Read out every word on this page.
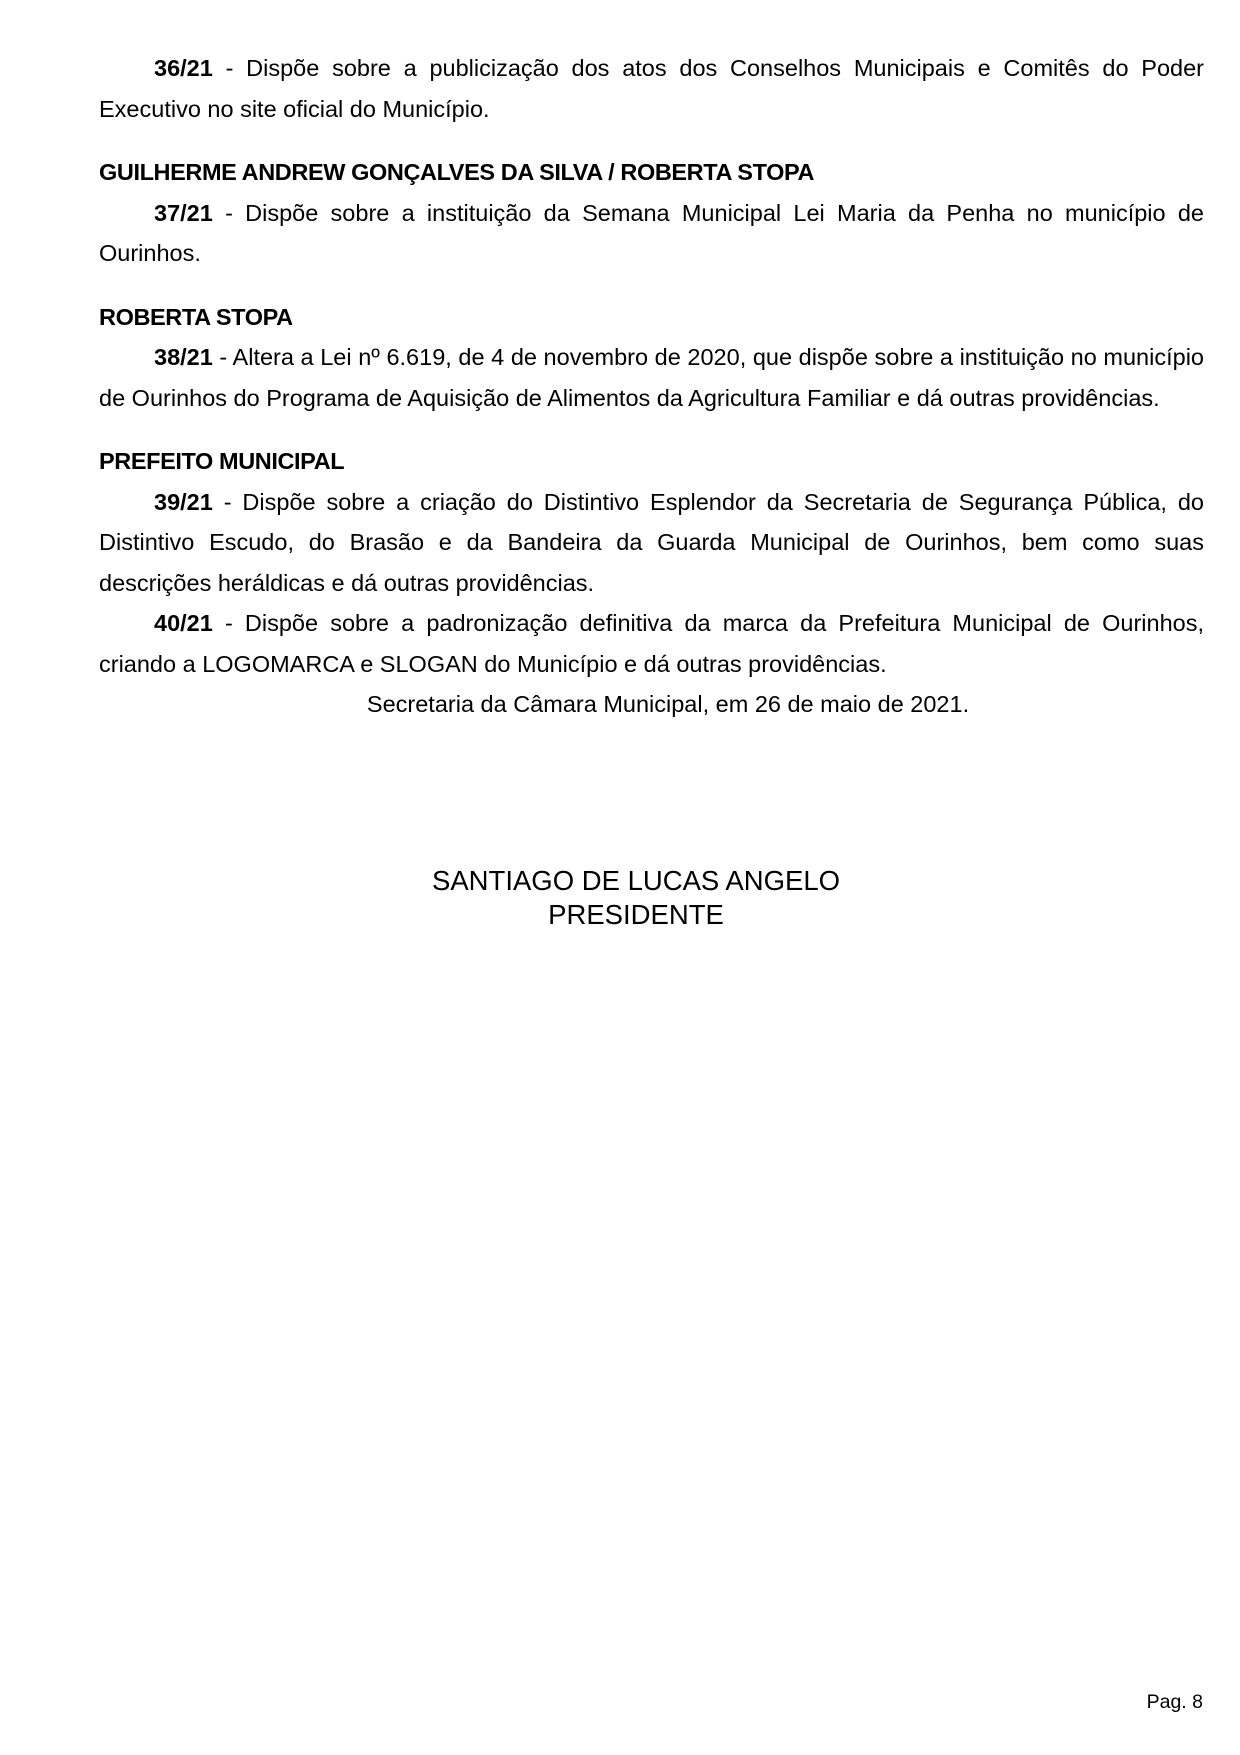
36/21 - Dispõe sobre a publicização dos atos dos Conselhos Municipais e Comitês do Poder Executivo no site oficial do Município.

GUILHERME ANDREW GONÇALVES DA SILVA / ROBERTA STOPA

37/21 - Dispõe sobre a instituição da Semana Municipal Lei Maria da Penha no município de Ourinhos.

ROBERTA STOPA

38/21 - Altera a Lei nº 6.619, de 4 de novembro de 2020, que dispõe sobre a instituição no município de Ourinhos do Programa de Aquisição de Alimentos da Agricultura Familiar e dá outras providências.

PREFEITO MUNICIPAL

39/21 - Dispõe sobre a criação do Distintivo Esplendor da Secretaria de Segurança Pública, do Distintivo Escudo, do Brasão e da Bandeira da Guarda Municipal de Ourinhos, bem como suas descrições heráldicas e dá outras providências.

40/21 - Dispõe sobre a padronização definitiva da marca da Prefeitura Municipal de Ourinhos, criando a LOGOMARCA e SLOGAN do Município e dá outras providências.

Secretaria da Câmara Municipal, em 26 de maio de 2021.

SANTIAGO DE LUCAS ANGELO
PRESIDENTE
Pag. 8
